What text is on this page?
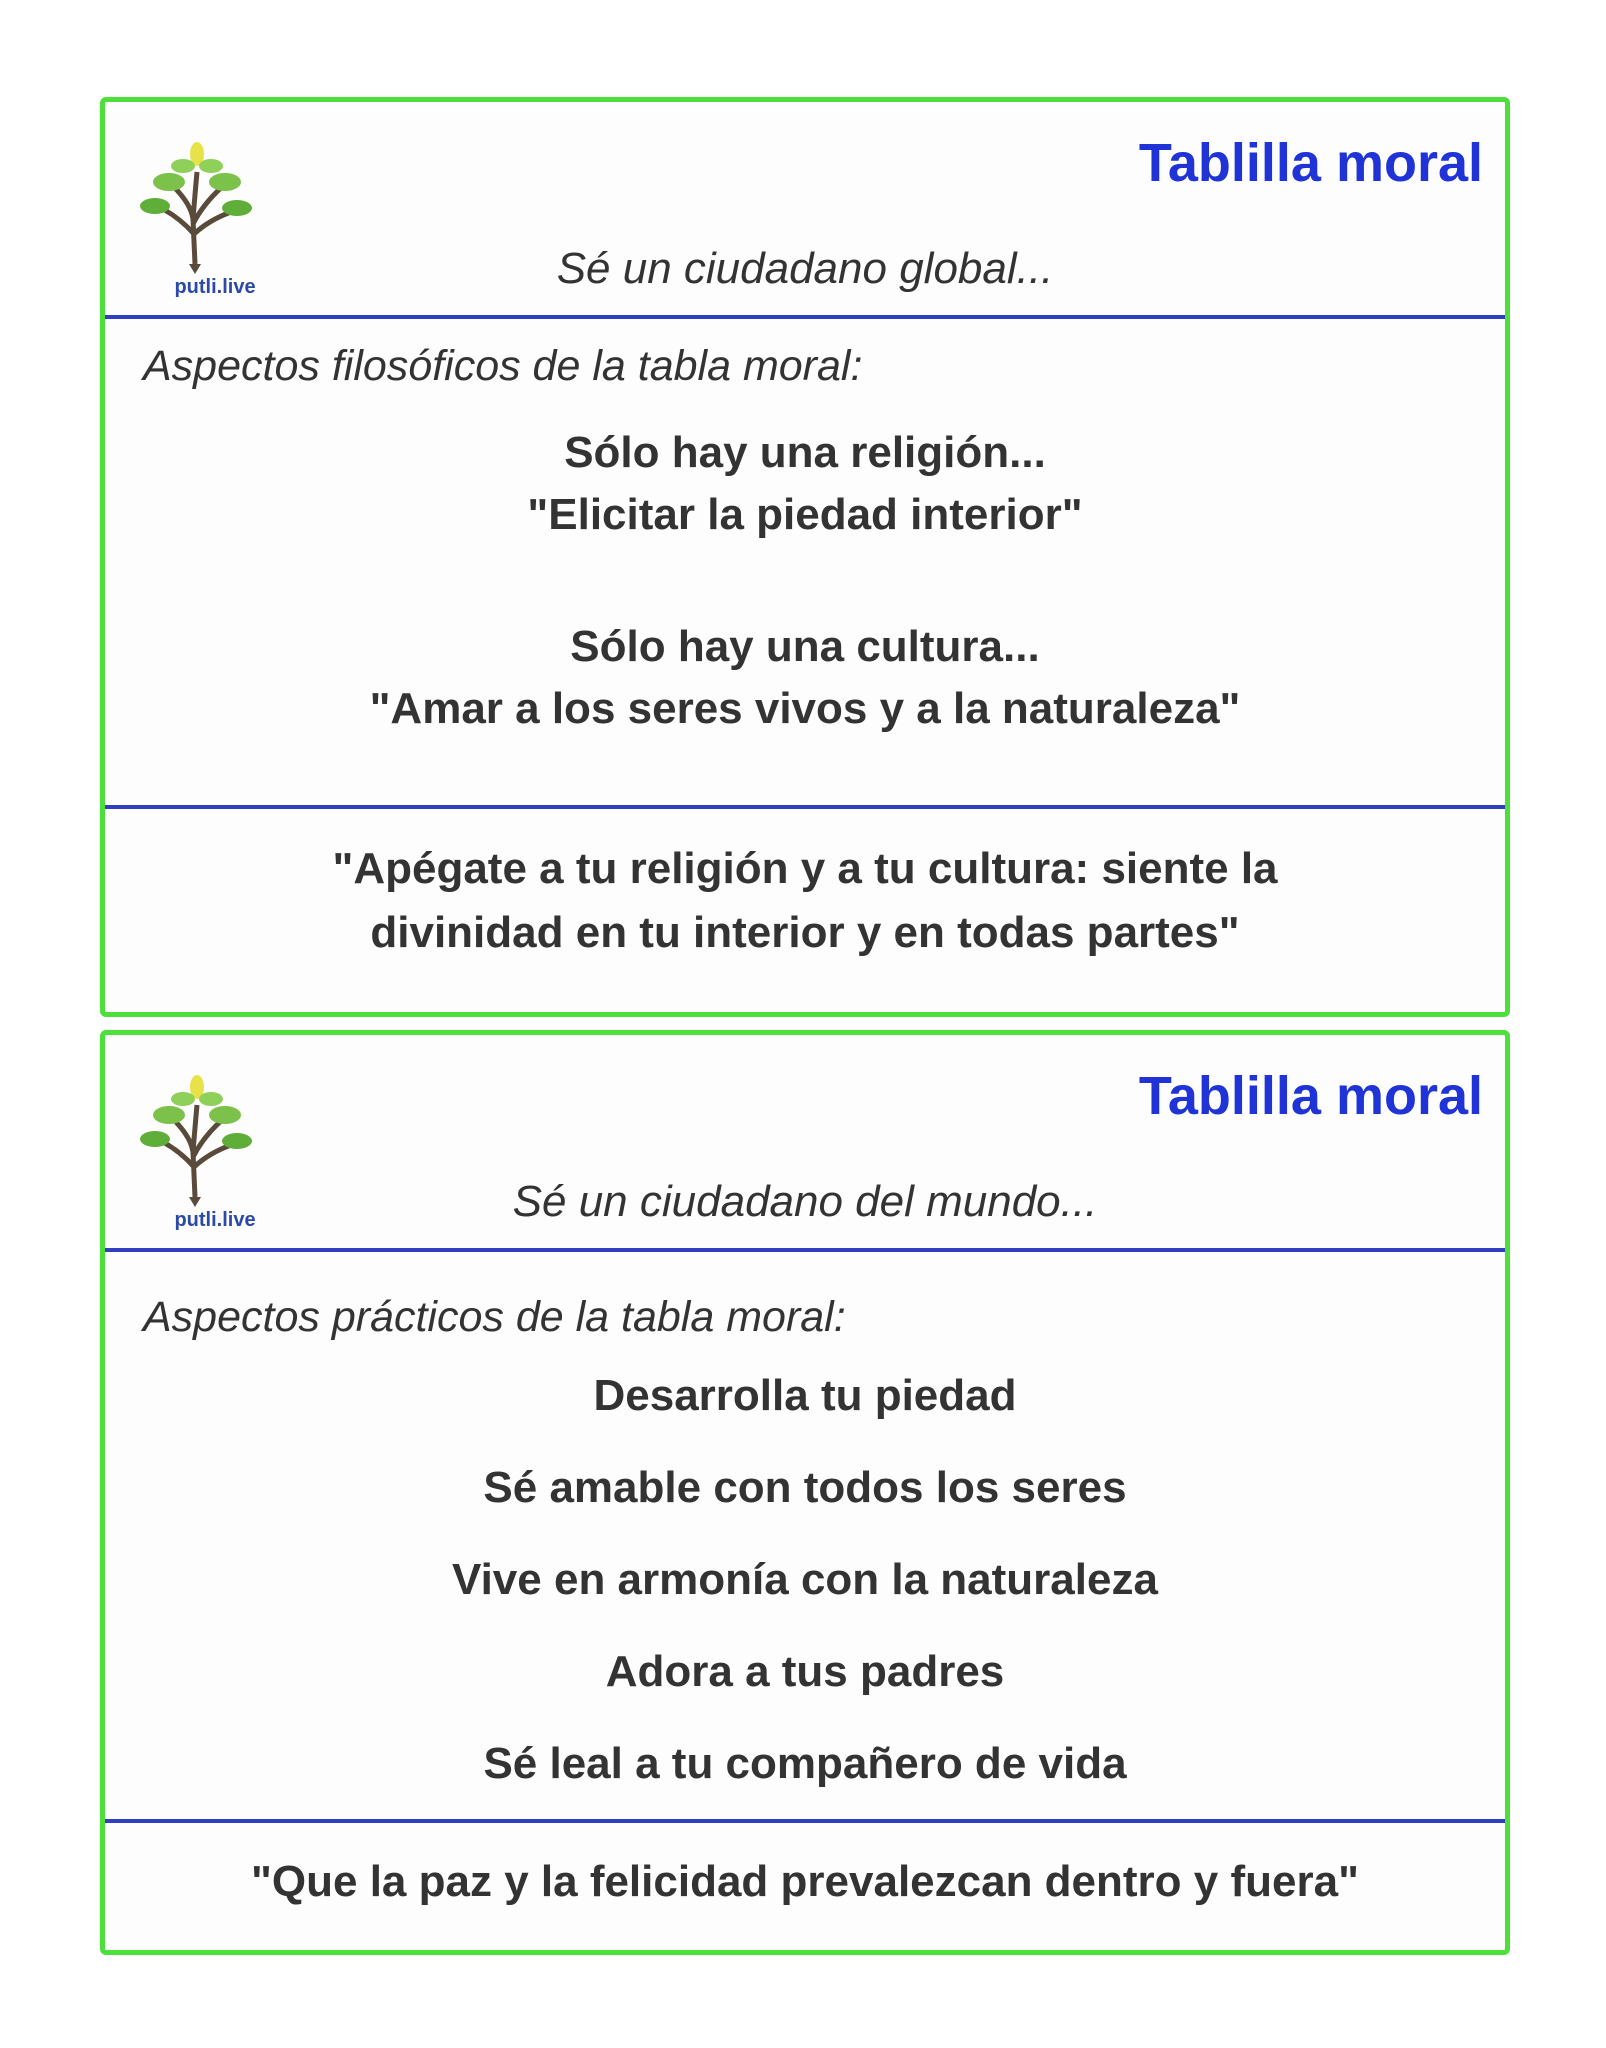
putli.live
Tablilla moral
Sé un ciudadano global...
Aspectos filosóficos de la tabla moral:
Sólo hay una religión...
"Elicitar la piedad interior"
Sólo hay una cultura...
"Amar a los seres vivos y a la naturaleza"
"Apégate a tu religión y a tu cultura: siente la
divinidad en tu interior y en todas partes"
putli.live
Tablilla moral
Sé un ciudadano del mundo...
Aspectos prácticos de la tabla moral:
Desarrolla tu piedad
Sé amable con todos los seres
Vive en armonía con la naturaleza
Adora a tus padres
Sé leal a tu compañero de vida
"Que la paz y la felicidad prevalezcan dentro y fuera"
